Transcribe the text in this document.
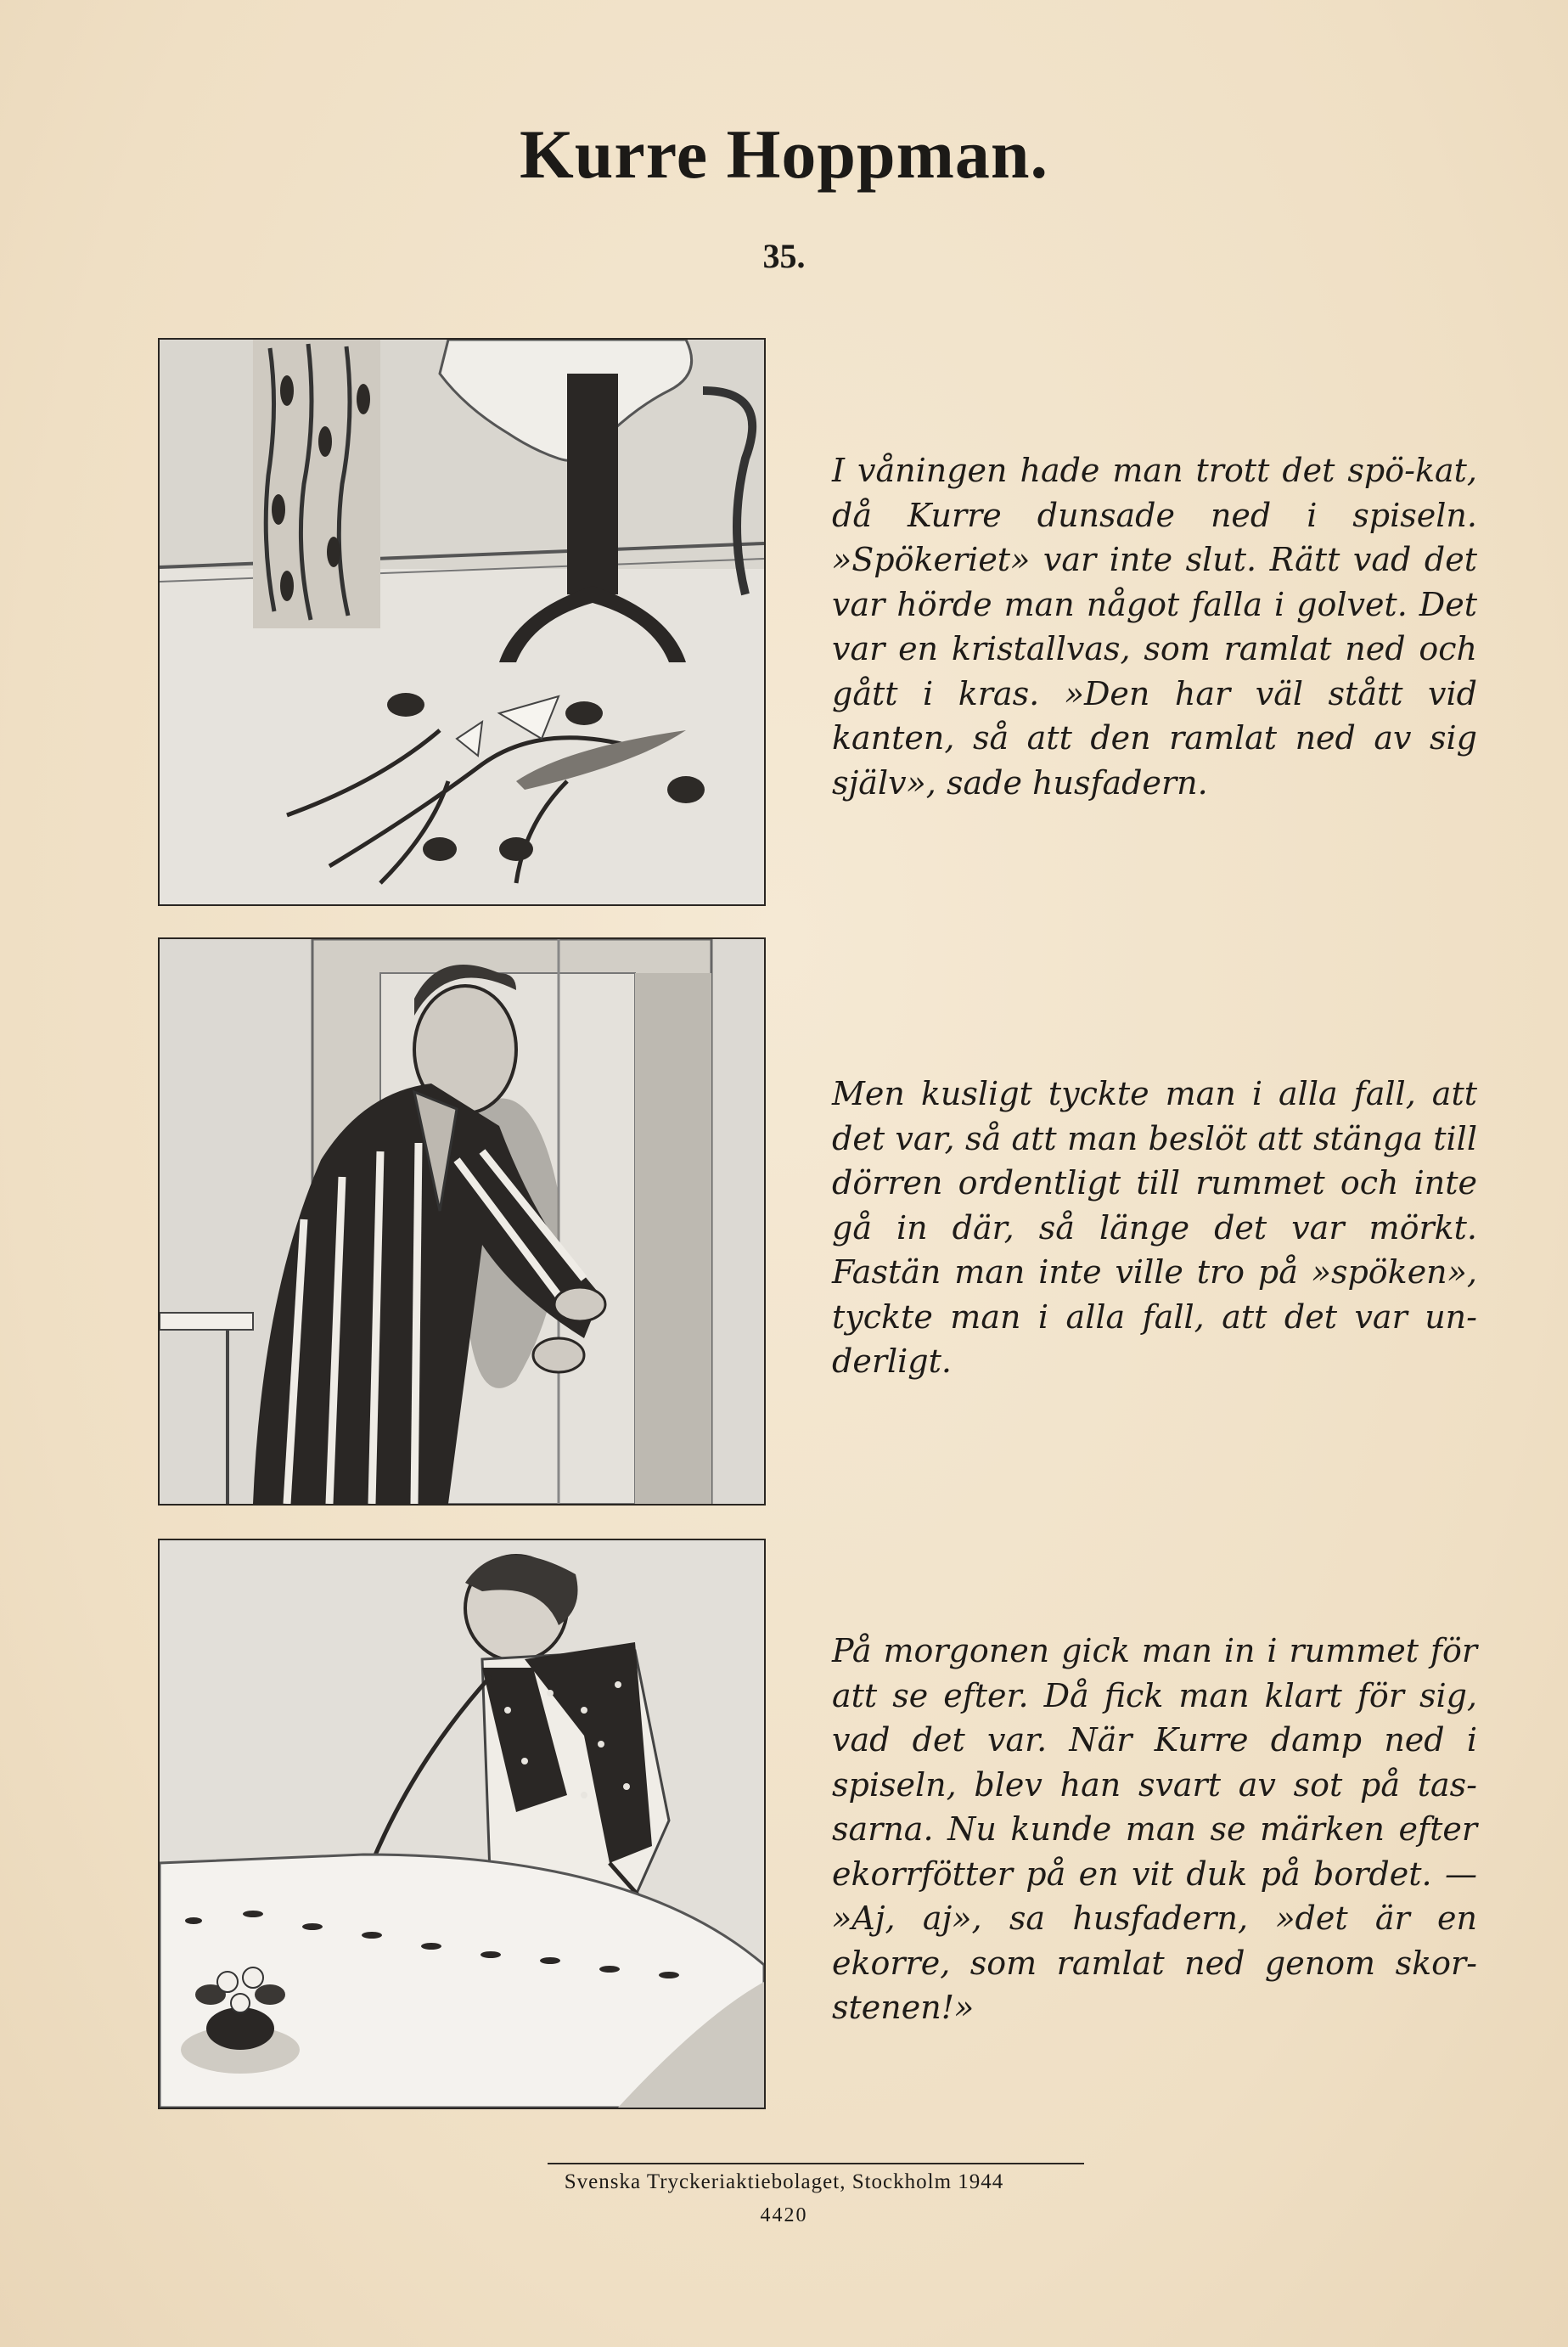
Kurre Hoppman.
35.
I våningen hade man trott det spö-kat, då Kurre dunsade ned i spiseln. »Spökeriet» var inte slut. Rätt vad det var hörde man något falla i golvet. Det var en kristallvas, som ramlat ned och gått i kras. »Den har väl stått vid kanten, så att den ramlat ned av sig själv», sade husfadern.
Men kusligt tyckte man i alla fall, att det var, så att man beslöt att stänga till dörren ordentligt till rummet och inte gå in där, så länge det var mörkt. Fastän man inte ville tro på »spöken», tyckte man i alla fall, att det var un-derligt.
På morgonen gick man in i rummet för att se efter. Då fick man klart för sig, vad det var. När Kurre damp ned i spiseln, blev han svart av sot på tas-sarna. Nu kunde man se märken efter ekorrfötter på en vit duk på bordet. — »Aj, aj», sa husfadern, »det är en ekorre, som ramlat ned genom skor-stenen!»
Svenska Tryckeriaktiebolaget, Stockholm 1944
4420
